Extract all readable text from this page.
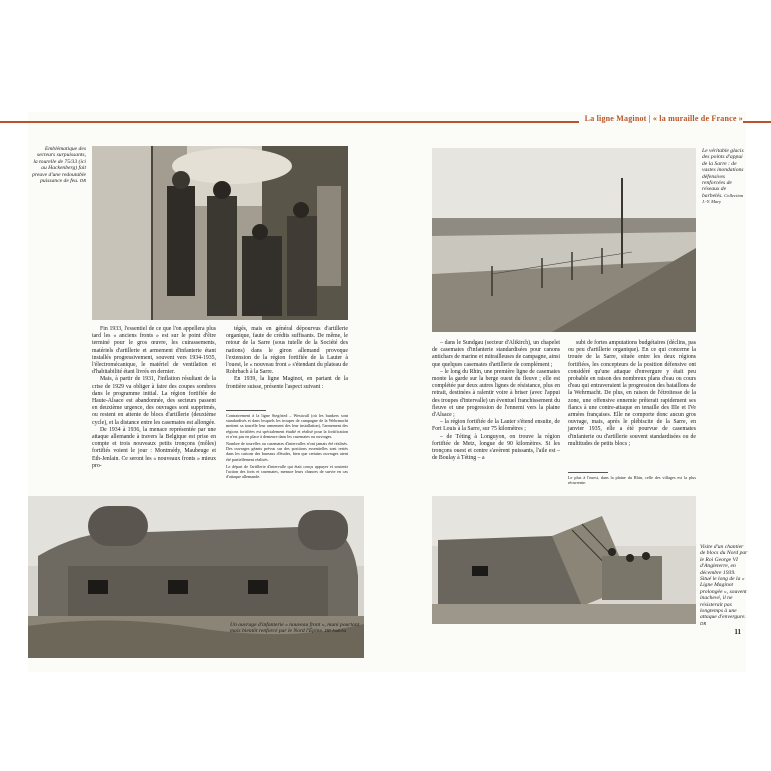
La ligne Maginot | « la muraille de France »
Emblématique des secteurs surpuissants, la tourelle de 75/33 (ici au Hackenberg) fait preuve d'une redoutable puissance de feu. DR

Fin 1933, l'essentiel de ce que l'on appellera plus tard les « anciens fronts » est sur le point d'être terminé pour le gros œuvre, les cuirassements, matériels d'artillerie et armement d'infanterie étant installés progressivement, souvent vers 1934-1935, l'électromécanique, le matériel de ventilation et d'habitabilité étant livrés en dernier.

Mais, à partir de 1931, l'inflation résultant de la crise de 1929 va obliger à faire des coupes sombres dans le programme initial. La région fortifiée de Haute-Alsace est abandonnée, des secteurs passent en deuxième urgence, des ouvrages sont supprimés, ou restent en attente de blocs d'artillerie (deuxième cycle), et la distance entre les casemates est allongée.

De 1934 à 1936, la menace représentée par une attaque allemande à travers la Belgique est prise en compte et trois nouveaux petits tronçons (môles) fortifiés voient le jour : Montmédy, Maubeuge et Eth-Jenlain. Ce seront les « nouveaux fronts » mieux pro-

tégés, mais en général dépourvus d'artillerie organique, faute de crédits suffisants. De même, le retour de la Sarre (sous tutelle de la Société des nations) dans le giron allemand provoque l'extension de la région fortifiée de la Lauter à l'ouest, le « nouveau front » s'étendant du plateau de Rohrbach à la Sarre.

En 1939, la ligne Maginot, en partant de la frontière suisse, présente l'aspect suivant :

Contrairement à la ligne Siegfried – Westwall (où les bunkers sont standardisés et dans lesquels les troupes de campagne de la Wehrmacht mettent sa tourelle leur armement des leur installation), l'armement des régions fortifiées est spécialement étudié et réalisé pour la fortification et n'est pas en place à demeure dans les casemates ou ouvrages.

Nombre de tourelles ou casemates d'intervalles n'ont jamais été réalisés. Des ouvrages géants prévus sur des positions essentielles sont restés dans les cartons des bureaux d'études, bien que certains ouvrages aient été partiellement réalisés.

Le départ de l'artillerie d'intervalle qui était conçu appuyer et soutenir l'action des forts et casemates, menace leurs chances de survie en cas d'attaque allemande.

Un ouvrage d'infanterie « nouveau front », muni pourtant mais bientôt renforcé par le Nord l'Épine. DR Andelot
Le véritable glacis des points d'appui de la Sarre : de vastes inondations défensives renforcées de réseaux de barbelés. Collection J.-Y. Mary

– dans le Sundgau (secteur d'Altkirch), un chapelet de casemates d'infanterie standardisées pour canons antichars de marine et mitrailleuses de campagne, ainsi que quelques casemates d'artillerie de complément ;

– le long du Rhin, une première ligne de casemates monte la garde sur la berge ouest du fleuve ; elle est complétée par deux autres lignes de résistance, plus en retrait, destinées à ralentir voire à briser (avec l'appui des troupes d'intervalle) un éventuel franchissement du fleuve et une progression de l'ennemi vers la plaine d'Alsace ;

– la région fortifiée de la Lauter s'étend ensuite, de Fort Louis à la Sarre, sur 75 kilomètres ;

– de Téting à Longuyon, on trouve la région fortifiée de Metz, longue de 90 kilomètres. Si les tronçons ouest et centre s'avèrent puissants, l'aile est – de Boulay à Téting – a

subi de fortes amputations budgétaires (déclins, pas ou peu d'artillerie organique). En ce qui concerne la trouée de la Sarre, située entre les deux régions fortifiées, les concepteurs de la position défensive ont considéré qu'une attaque d'envergure y était peu probable en raison des nombreux plans d'eau ou cours d'eau qui entraveraient la progression des bataillons de la Wehrmacht. De plus, en raison de l'étroitesse de la zone, une offensive ennemie prêterait rapidement ses flancs à une contre-attaque en tenaille des IIIe et IVe armées françaises. Elle ne comporte donc aucun gros ouvrage, mais, après le plébiscite de la Sarre, en janvier 1935, elle a été pourvue de casemates d'infanterie ou d'artillerie souvent standardisées ou de multitudes de petits blocs ;

Le plus à l'ouest, dans la plaine du Rhin, celle des villages est la plus récurrente.

Visite d'un chantier de blocs du Nord par le Roi George VI d'Angleterre, en décembre 1939. Situé le long de la « Ligne Maginot prolongée », souvent inachevé, il ne résisterait pas longtemps à une attaque d'envergure. DR
11
